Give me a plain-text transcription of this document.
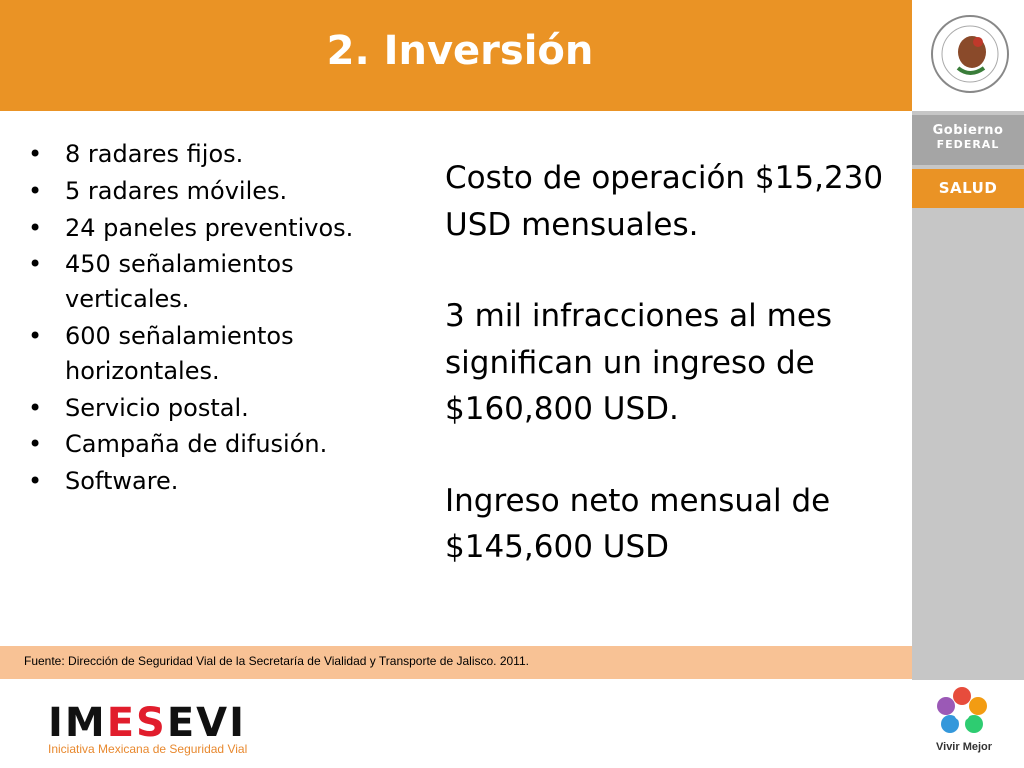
2. Inversión
Gobierno
FEDERAL
SALUD
• 8 radares fijos.
• 5 radares móviles.
• 24 paneles preventivos.
• 450 señalamientos verticales.
• 600 señalamientos horizontales.
• Servicio postal.
• Campaña de difusión.
• Software.

Costo de operación $15,230 USD mensuales.

3 mil infracciones al mes significan un ingreso de $160,800 USD.

Ingreso neto mensual de $145,600 USD

Fuente: Dirección de Seguridad Vial de la Secretaría de Vialidad y Transporte de Jalisco. 2011.
IMESEVI
Iniciativa Mexicana de Seguridad Vial	Vivir Mejor
